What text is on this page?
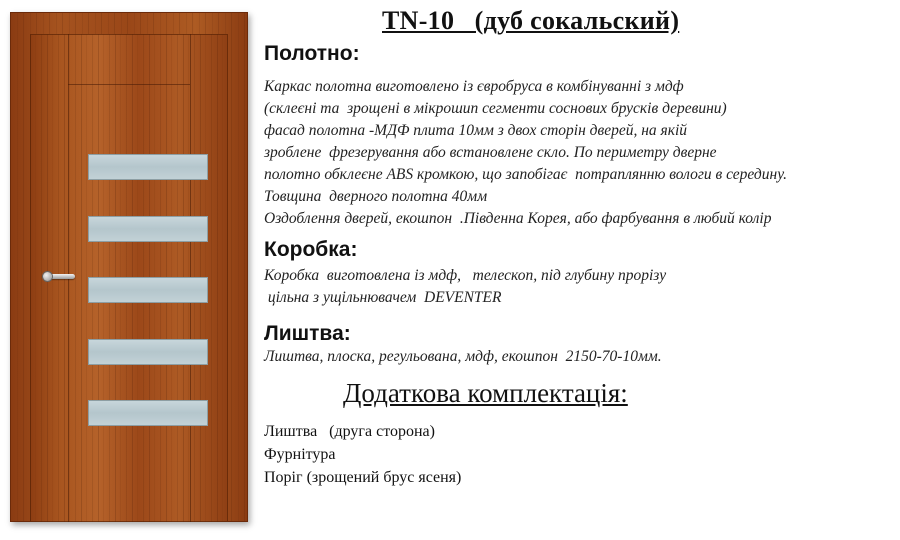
TN-10   (дуб сокальский)
Полотно:

Каркас полотна виготовлено із євробруса в комбінуванні з мдф
(склеєні та  зрощені в мікрошип сегменти соснових брусків деревини)
фасад полотна -МДФ плита 10мм з двох сторін дверей, на якій
зроблене  фрезерування або встановлене скло. По периметру дверне
полотно обклеєне ABS кромкою, що запобігає  потраплянню вологи в середину.
Товщина  дверного полотна 40мм
Оздоблення дверей, екошпон  .Південна Корея, або фарбування в любий колір

Коробка:

Коробка  виготовлена із мдф,   телескоп, під глубину прорізу
цільна з ущільнювачем  DEVENTER

Лиштва:

Лиштва, плоска, регульована, мдф, екошпон  2150-70-10мм.

Додаткова комплектація:
Лиштва   (друга сторона)
Фурнітура
Поріг (зрощений брус ясеня)
